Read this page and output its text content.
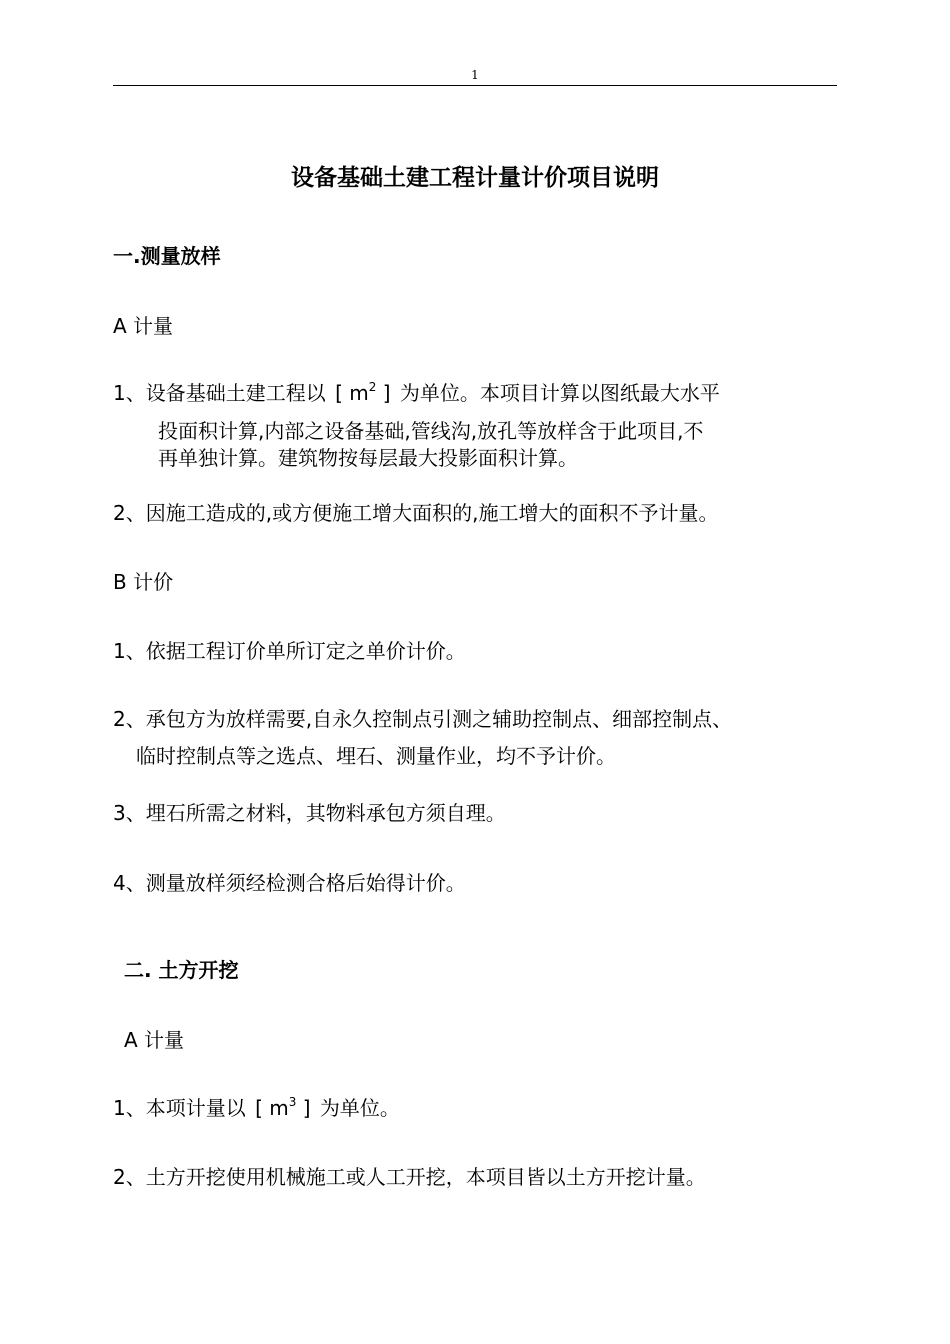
1
设备基础土建工程计量计价项目说明
一.测量放样
A 计量
1、设备基础土建工程以 [ $m^2$ ] 为单位。本项目计算以图纸最大水平
投面积计算,内部之设备基础,管线沟,放孔等放样含于此项目,不
再单独计算。建筑物按每层最大投影面积计算。
2、因施工造成的,或方便施工增大面积的,施工增大的面积不予计量。
B 计价
1、依据工程订价单所订定之单价计价。
2、承包方为放样需要,自永久控制点引测之辅助控制点、细部控制点、
临时控制点等之选点、埋石、测量作业，均不予计价。
3、埋石所需之材料，其物料承包方须自理。
4、测量放样须经检测合格后始得计价。
二. 土方开挖
A 计量
1、本项计量以 [ $m^3$ ] 为单位。
2、土方开挖使用机械施工或人工开挖，本项目皆以土方开挖计量。
